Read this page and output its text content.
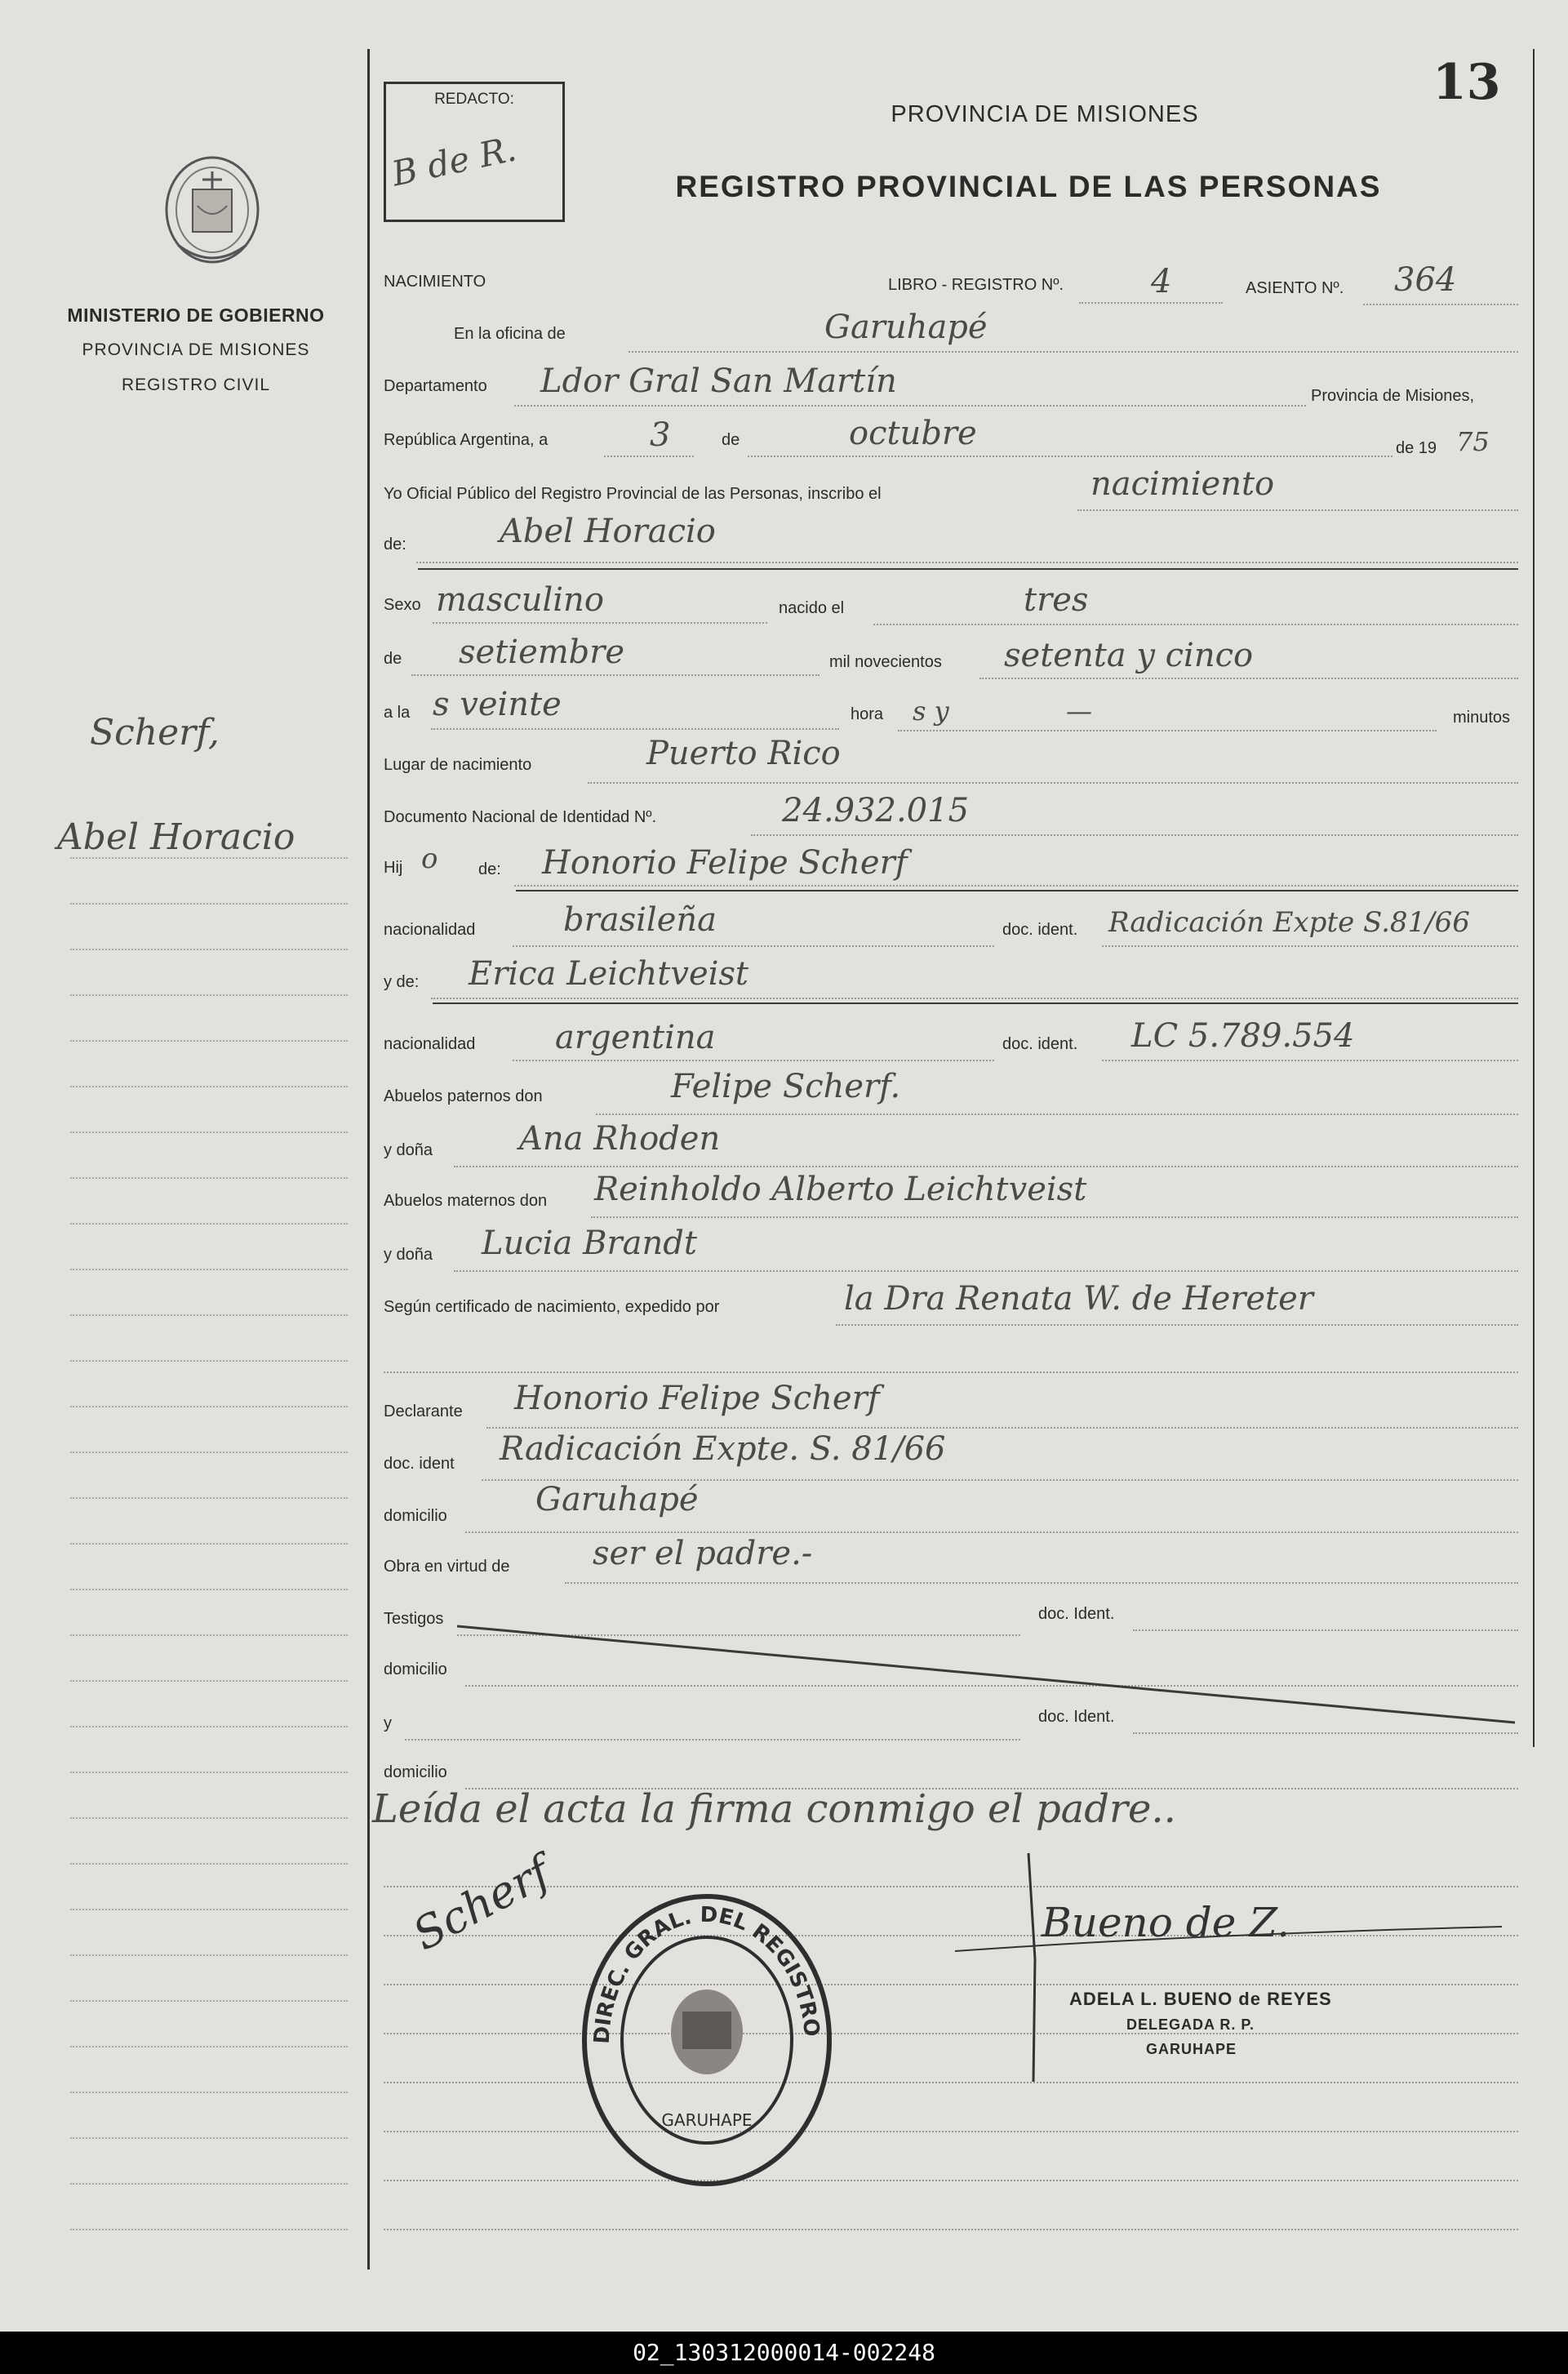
MINISTERIO DE GOBIERNO
PROVINCIA DE MISIONES
REGISTRO CIVIL
Scherf,
Abel Horacio
REDACTO:
B de R.
13
PROVINCIA DE MISIONES
REGISTRO PROVINCIAL DE LAS PERSONAS
NACIMIENTO	LIBRO - REGISTRO Nº.	4	ASIENTO Nº. 364
En la oficina de	Garuhapé
Departamento Ldor Gral San Martín	Provincia de Misiones,
República Argentina, a	3	de	octubre	de 19 75
Yo Oficial Público del Registro Provincial de las Personas, inscribo el	nacimiento
de:	Abel Horacio
Sexo masculino	nacido el	tres
de setiembre	mil novecientos setenta y cinco
a la s veinte	hora s y	—	minutos
Lugar de nacimiento	Puerto Rico
Documento Nacional de Identidad Nº.	24.932.015
Hij o de: Honorio Felipe Scherf
nacionalidad	brasileña	doc. ident. Radicación Expte S.81/66
y de: Erica Leichtveist
nacionalidad argentina	doc. ident. LC 5.789.554
Abuelos paternos don	Felipe Scherf.
y doña	Ana Rhoden
Abuelos maternos don Reinholdo Alberto Leichtveist
y doña Lucia Brandt
Según certificado de nacimiento, expedido por	la Dra Renata W. de Hereter
Declarante Honorio Felipe Scherf
doc. ident Radicación Expte. S. 81/66
domicilio	Garuhapé
Obra en virtud de	ser el padre.-
Testigos	doc. Ident.
domicilio
y	doc. Ident.
domicilio
Leída el acta la firma conmigo el padre..
Scherf
DIREC. GRAL. DEL REGISTRO
GARUHAPE
Bueno de Z.
ADELA L. BUENO de REYES
DELEGADA R. P.
GARUHAPE
02_130312000014-002248
